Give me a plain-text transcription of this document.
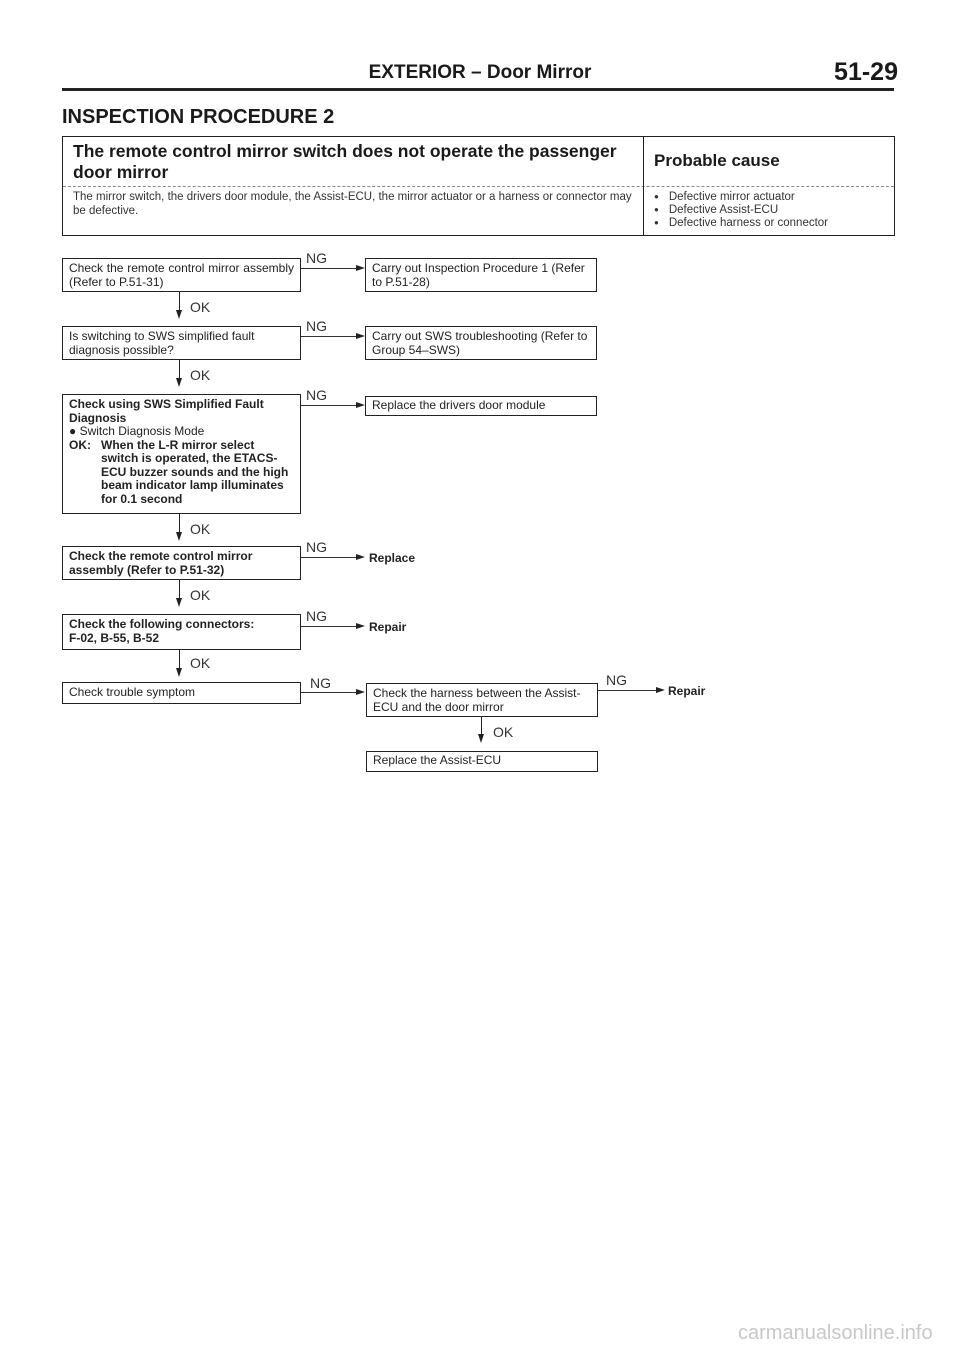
EXTERIOR – Door Mirror	51-29
INSPECTION PROCEDURE 2
The remote control mirror switch does not operate the passenger door mirror
The mirror switch, the drivers door module, the Assist-ECU, the mirror actuator or a harness or connector may be defective.
Probable cause
● Defective mirror actuator
● Defective Assist-ECU
● Defective harness or connector
Check the remote control mirror assembly (Refer to P.51-31)
NG
Carry out Inspection Procedure 1 (Refer to P.51-28)
OK
Is switching to SWS simplified fault diagnosis possible?
NG
Carry out SWS troubleshooting (Refer to Group 54–SWS)
OK
Check using SWS Simplified Fault Diagnosis
● Switch Diagnosis Mode
OK: When the L-R mirror select switch is operated, the ETACS-ECU buzzer sounds and the high beam indicator lamp illuminates for 0.1 second
NG
Replace the drivers door module
OK
Check the remote control mirror assembly (Refer to P.51-32)
NG
Replace
OK
Check the following connectors:
F-02, B-55, B-52
NG
Repair
OK
Check trouble symptom
NG
Check the harness between the Assist-ECU and the door mirror
NG
Repair
OK
Replace the Assist-ECU
carmanualsonline.info
